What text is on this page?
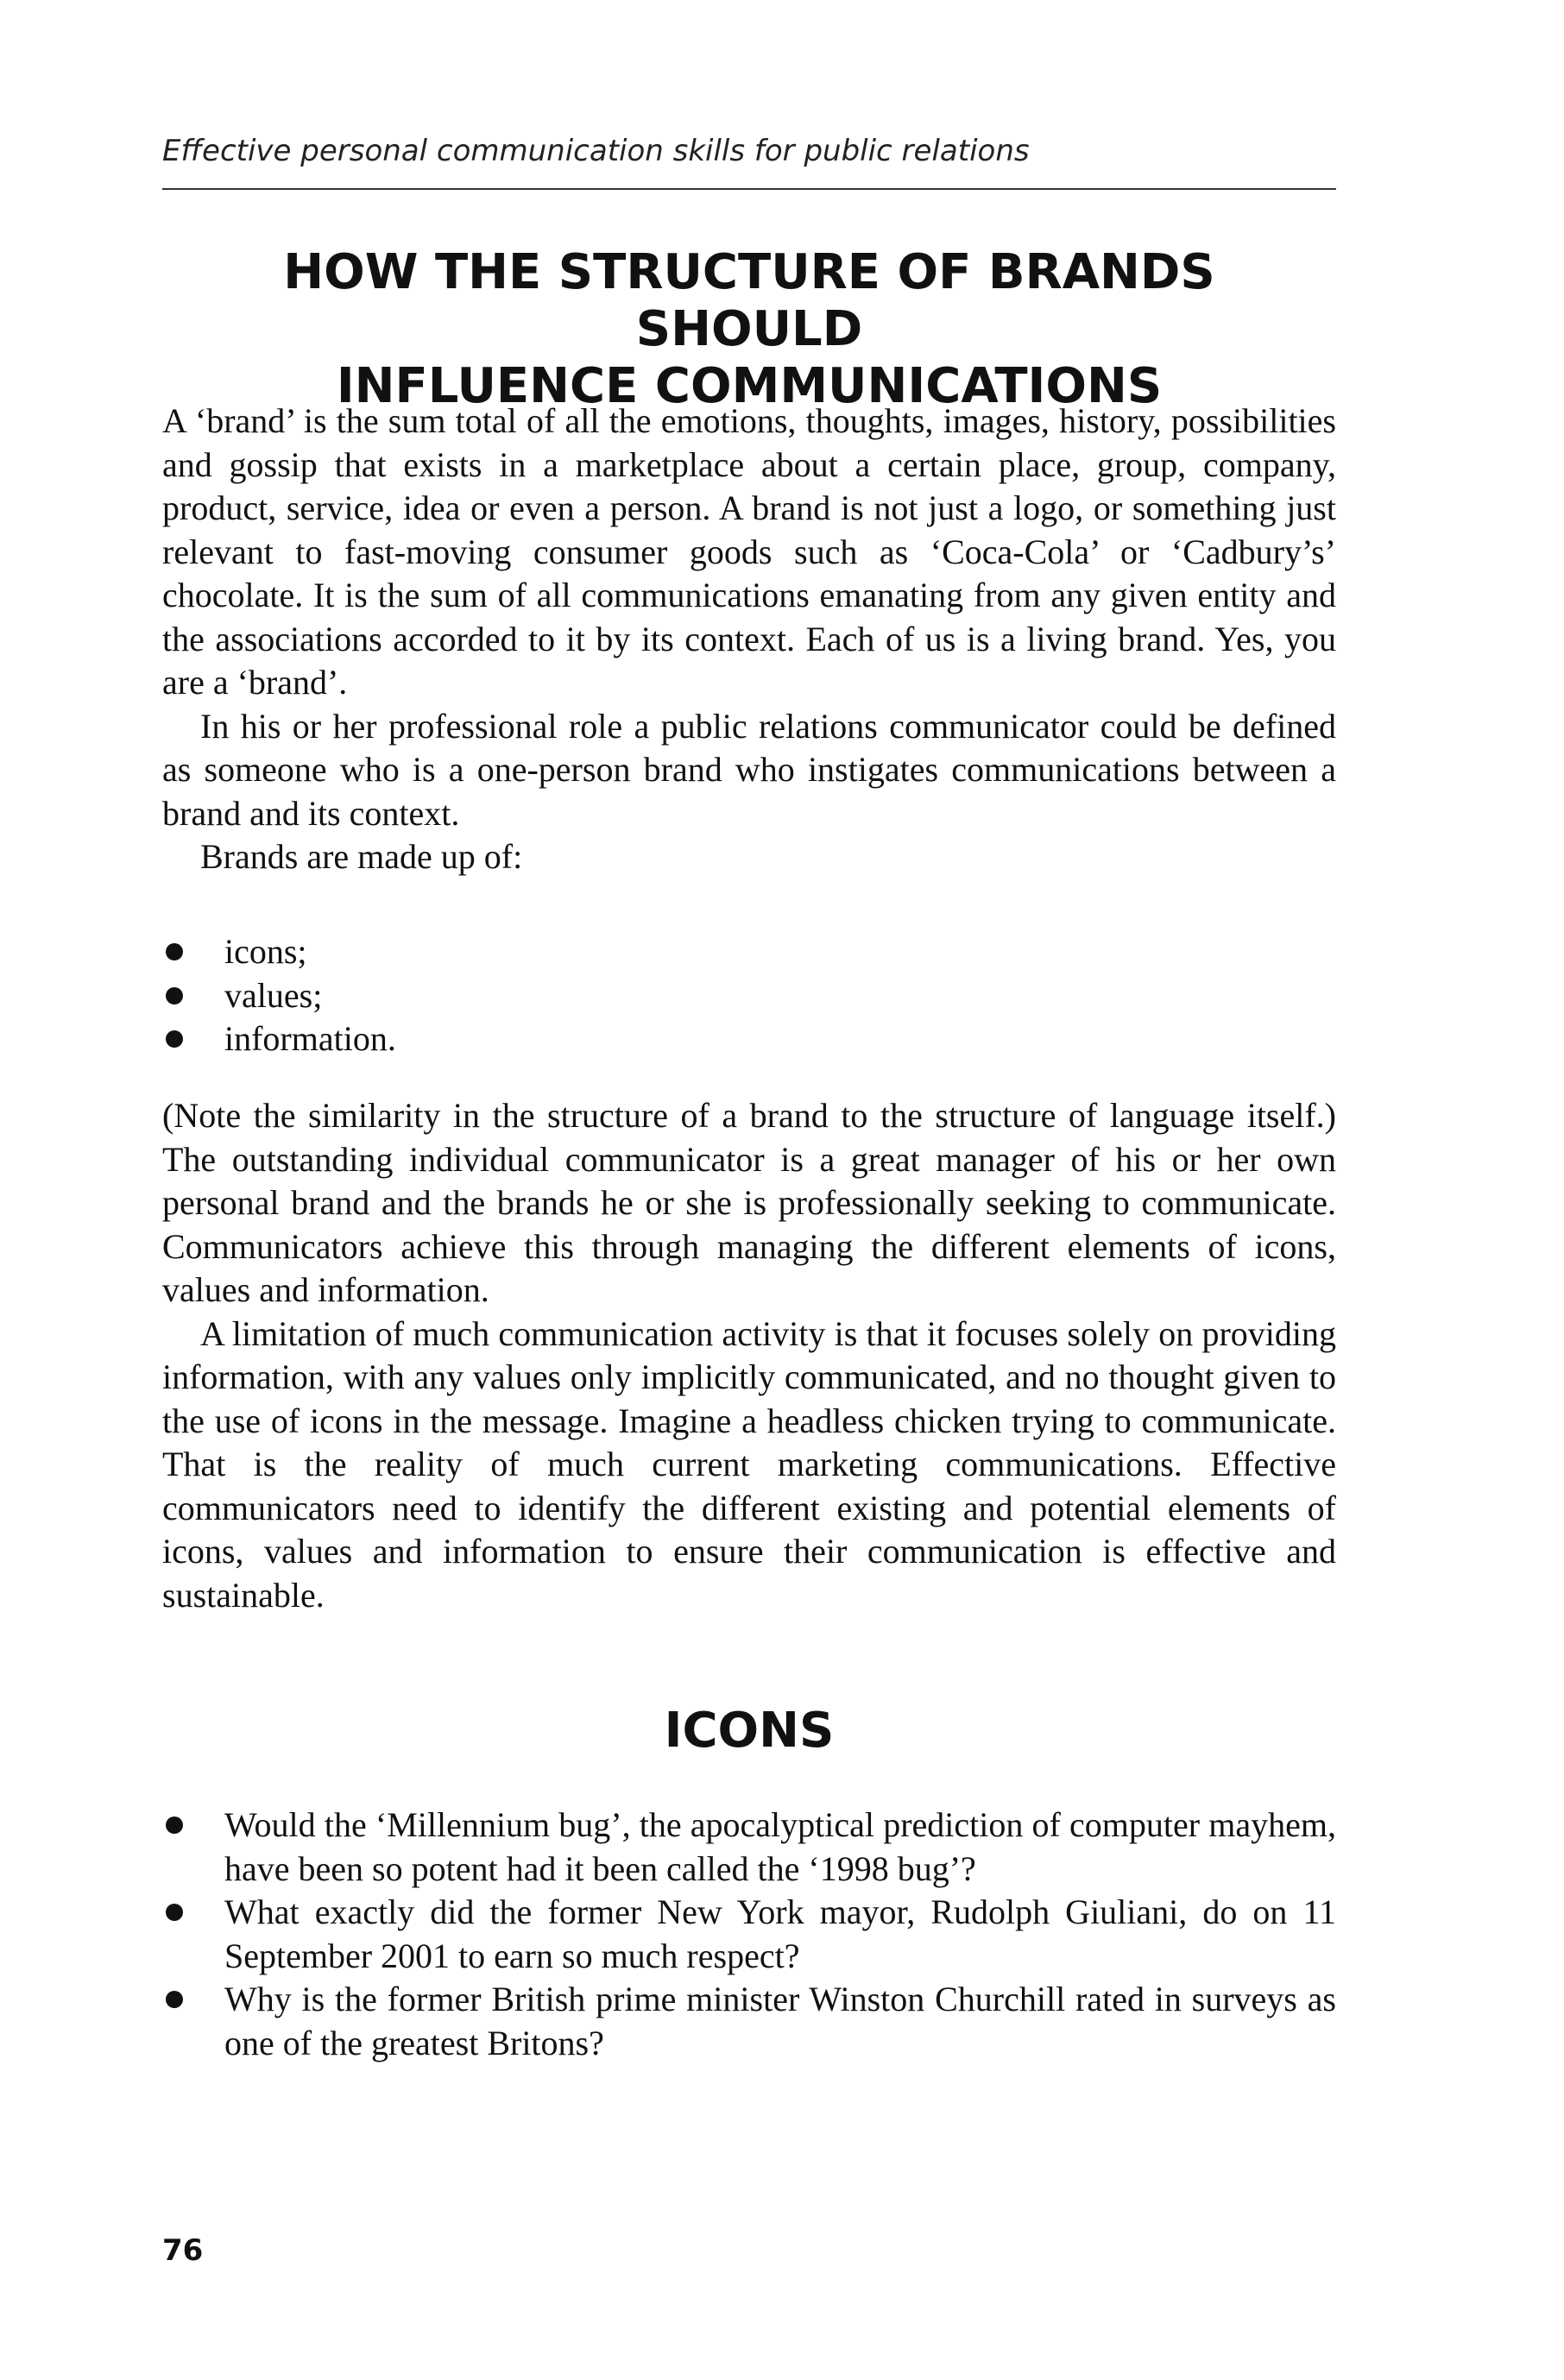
Effective personal communication skills for public relations
HOW THE STRUCTURE OF BRANDS SHOULD
INFLUENCE COMMUNICATIONS

A ‘brand’ is the sum total of all the emotions, thoughts, images, history, possibilities and gossip that exists in a marketplace about a certain place, group, company, product, service, idea or even a person. A brand is not just a logo, or something just relevant to fast-moving consumer goods such as ‘Coca-Cola’ or ‘Cadbury’s’ chocolate. It is the sum of all communications emanating from any given entity and the associations accorded to it by its context. Each of us is a living brand. Yes, you are a ‘brand’.

In his or her professional role a public relations communicator could be defined as someone who is a one-person brand who instigates communications between a brand and its context.

Brands are made up of:

icons;
values;
information.

(Note the similarity in the structure of a brand to the structure of language itself.) The outstanding individual communicator is a great manager of his or her own personal brand and the brands he or she is professionally seeking to communicate. Communicators achieve this through managing the different elements of icons, values and information.

A limitation of much communication activity is that it focuses solely on providing information, with any values only implicitly communicated, and no thought given to the use of icons in the message. Imagine a headless chicken trying to communicate. That is the reality of much current marketing communications. Effective communicators need to identify the different existing and potential elements of icons, values and information to ensure their communication is effective and sustainable.

ICONS
Would the ‘Millennium bug’, the apocalyptical prediction of computer mayhem, have been so potent had it been called the ‘1998 bug’?
What exactly did the former New York mayor, Rudolph Giuliani, do on 11 September 2001 to earn so much respect?
Why is the former British prime minister Winston Churchill rated in surveys as one of the greatest Britons?
76
